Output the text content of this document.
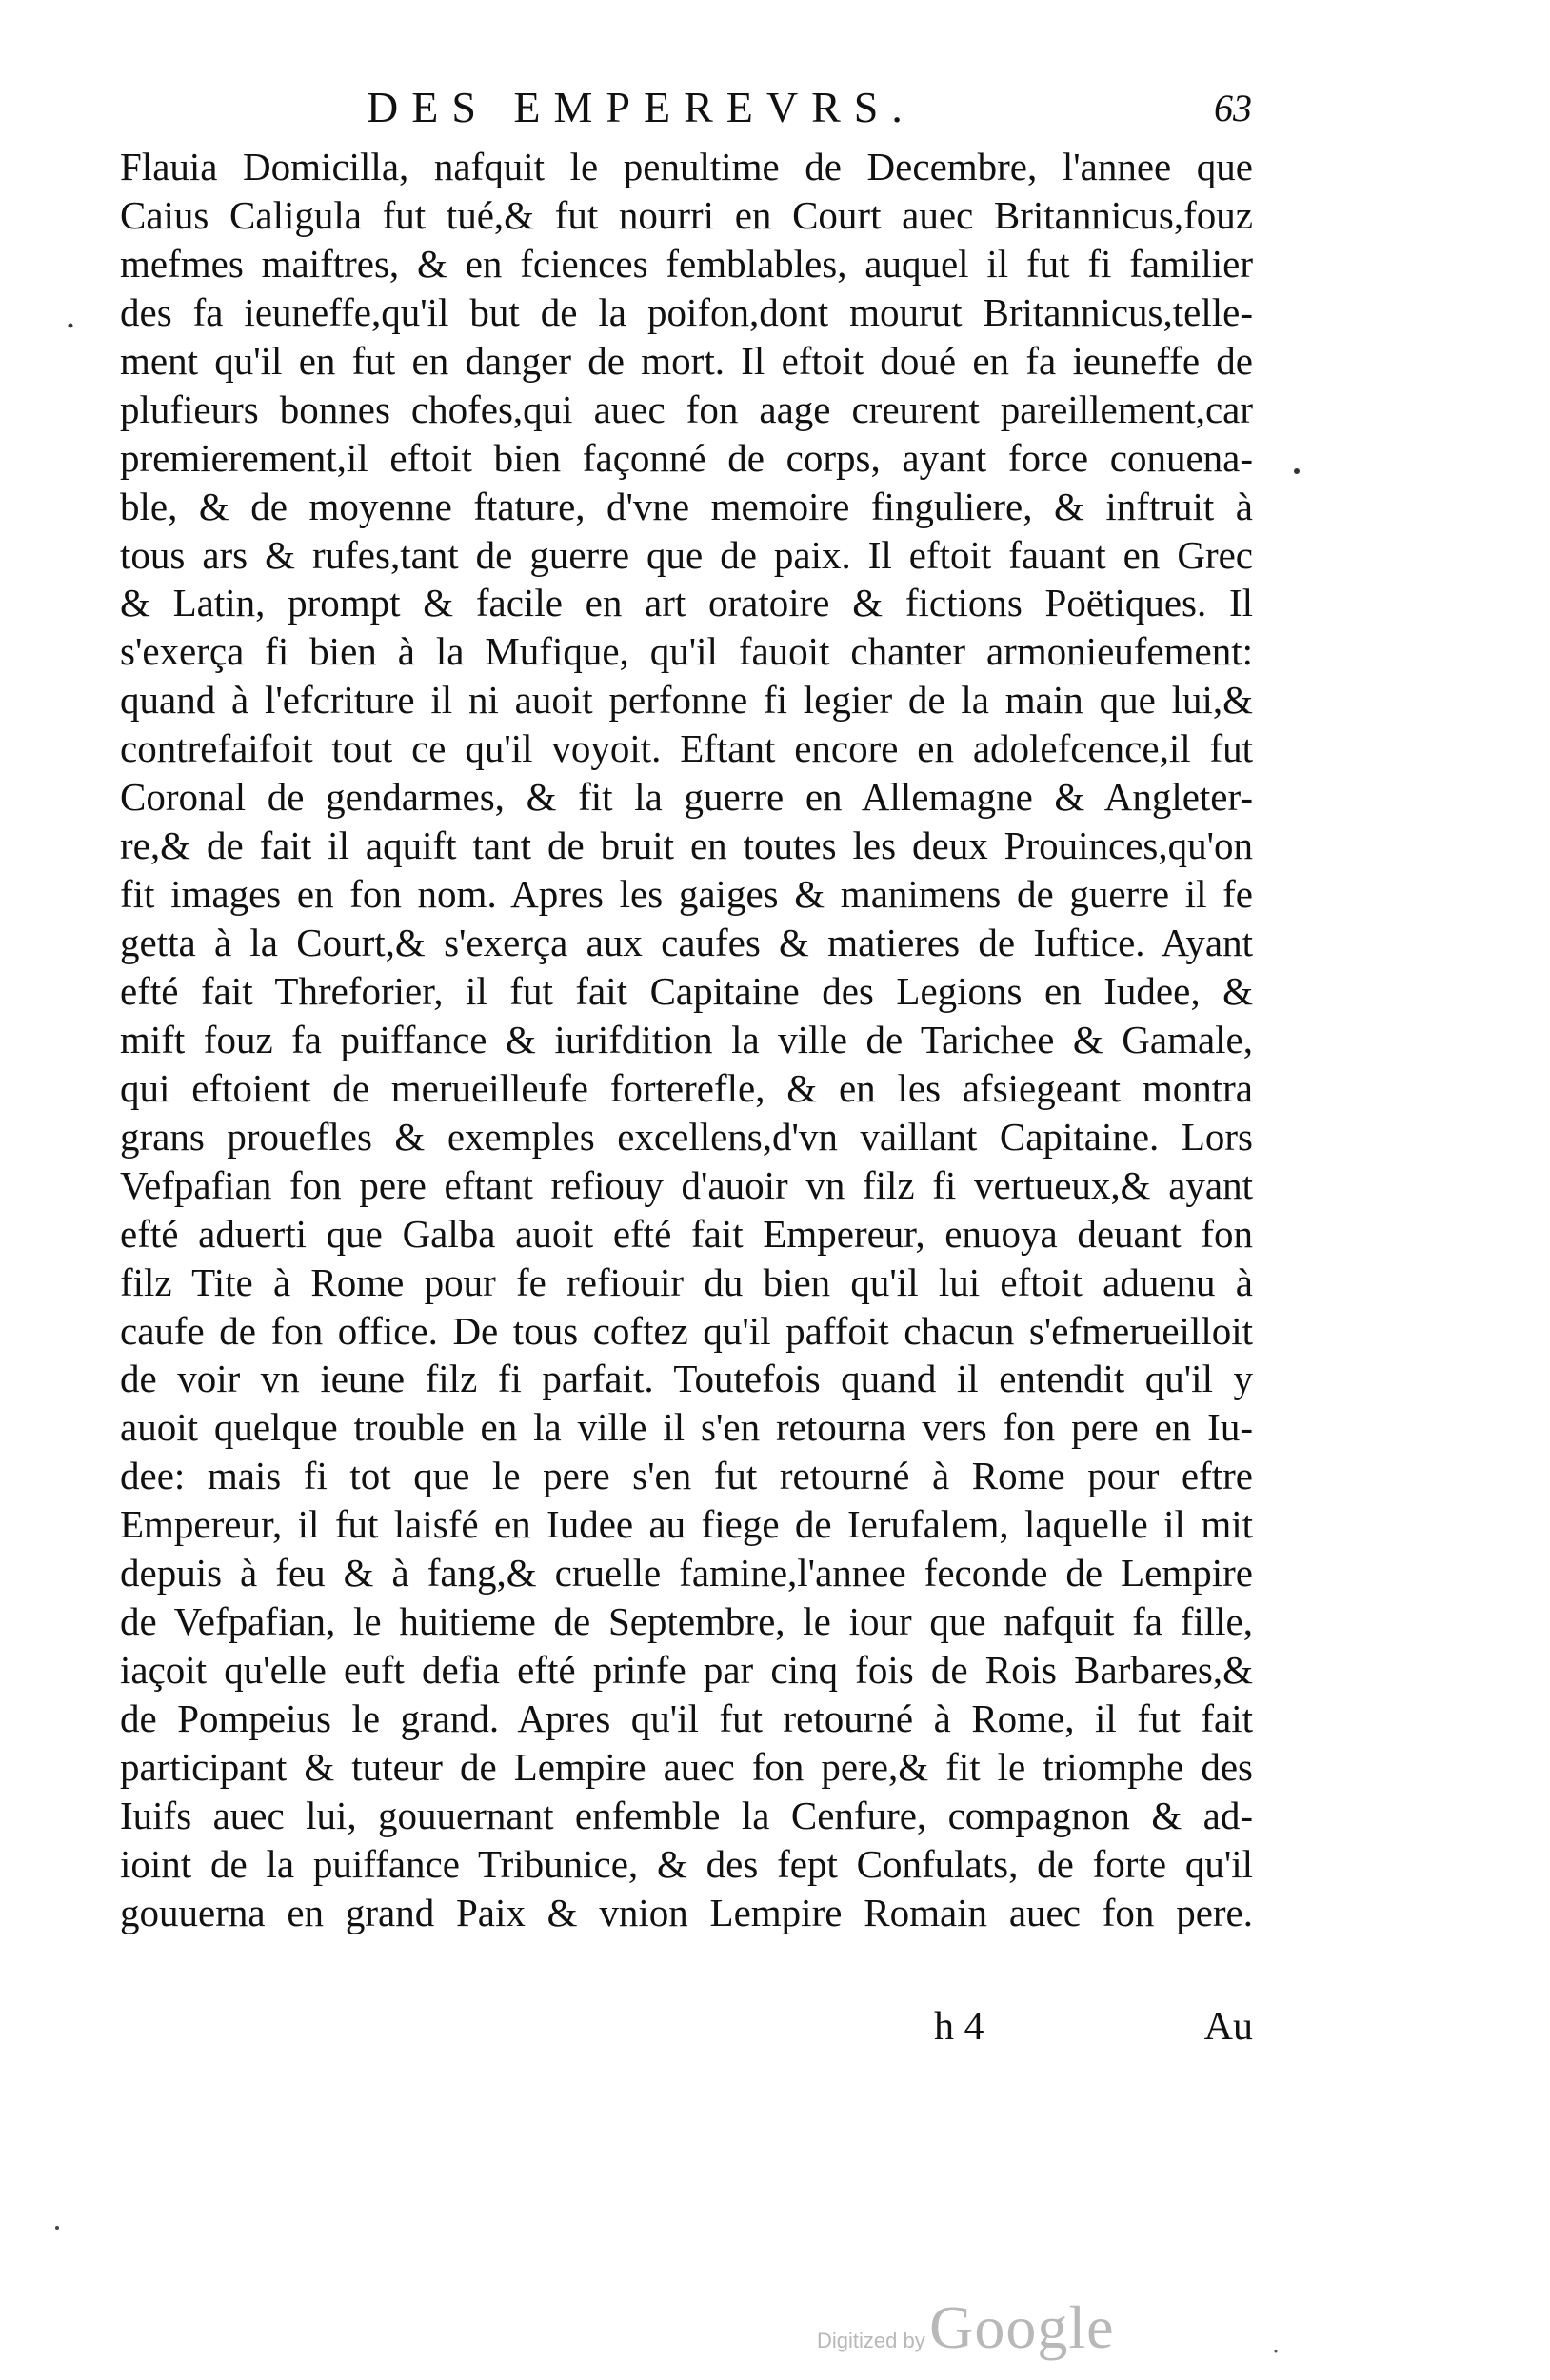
DES EMPEREVRS.	63
Flauia Domicilla, nafquit le penultime de Decembre, l'annee que
Caius Caligula fut tué,& fut nourri en Court auec Britannicus,fouz
mefmes maiftres, & en fciences femblables, auquel il fut fi familier
des fa ieuneffe,qu'il but de la poifon,dont mourut Britannicus,telle-
ment qu'il en fut en danger de mort. Il eftoit doué en fa ieuneffe de
plufieurs bonnes chofes,qui auec fon aage creurent pareillement,car
premierement,il eftoit bien façonné de corps, ayant force conuena-
ble, & de moyenne ftature, d'vne memoire finguliere, & inftruit à
tous ars & rufes,tant de guerre que de paix. Il eftoit fauant en Grec
& Latin, prompt & facile en art oratoire & fictions Poëtiques. Il
s'exerça fi bien à la Mufique, qu'il fauoit chanter armonieufement:
quand à l'efcriture il ni auoit perfonne fi legier de la main que lui,&
contrefaifoit tout ce qu'il voyoit. Eftant encore en adolefcence,il fut
Coronal de gendarmes, & fit la guerre en Allemagne & Angleter-
re,& de fait il aquift tant de bruit en toutes les deux Prouinces,qu'on
fit images en fon nom. Apres les gaiges & manimens de guerre il fe
getta à la Court,& s'exerça aux caufes & matieres de Iuftice. Ayant
efté fait Threforier, il fut fait Capitaine des Legions en Iudee, &
mift fouz fa puiffance & iurifdition la ville de Tarichee & Gamale,
qui eftoient de merueilleufe forterefle, & en les afsiegeant montra
grans prouefles & exemples excellens,d'vn vaillant Capitaine. Lors
Vefpafian fon pere eftant refiouy d'auoir vn filz fi vertueux,& ayant
efté aduerti que Galba auoit efté fait Empereur, enuoya deuant fon
filz Tite à Rome pour fe refiouir du bien qu'il lui eftoit aduenu à
caufe de fon office. De tous coftez qu'il paffoit chacun s'efmerueilloit
de voir vn ieune filz fi parfait. Toutefois quand il entendit qu'il y
auoit quelque trouble en la ville il s'en retourna vers fon pere en Iu-
dee: mais fi tot que le pere s'en fut retourné à Rome pour eftre
Empereur, il fut laisfé en Iudee au fiege de Ierufalem, laquelle il mit
depuis à feu & à fang,& cruelle famine,l'annee feconde de Lempire
de Vefpafian, le huitieme de Septembre, le iour que nafquit fa fille,
iaçoit qu'elle euft defia efté prinfe par cinq fois de Rois Barbares,&
de Pompeius le grand. Apres qu'il fut retourné à Rome, il fut fait
participant & tuteur de Lempire auec fon pere,& fit le triomphe des
Iuifs auec lui, gouuernant enfemble la Cenfure, compagnon & ad-
ioint de la puiffance Tribunice, & des fept Confulats, de forte qu'il
gouuerna en grand Paix & vnion Lempire Romain auec fon pere.
h 4	Au
Digitized by Google
